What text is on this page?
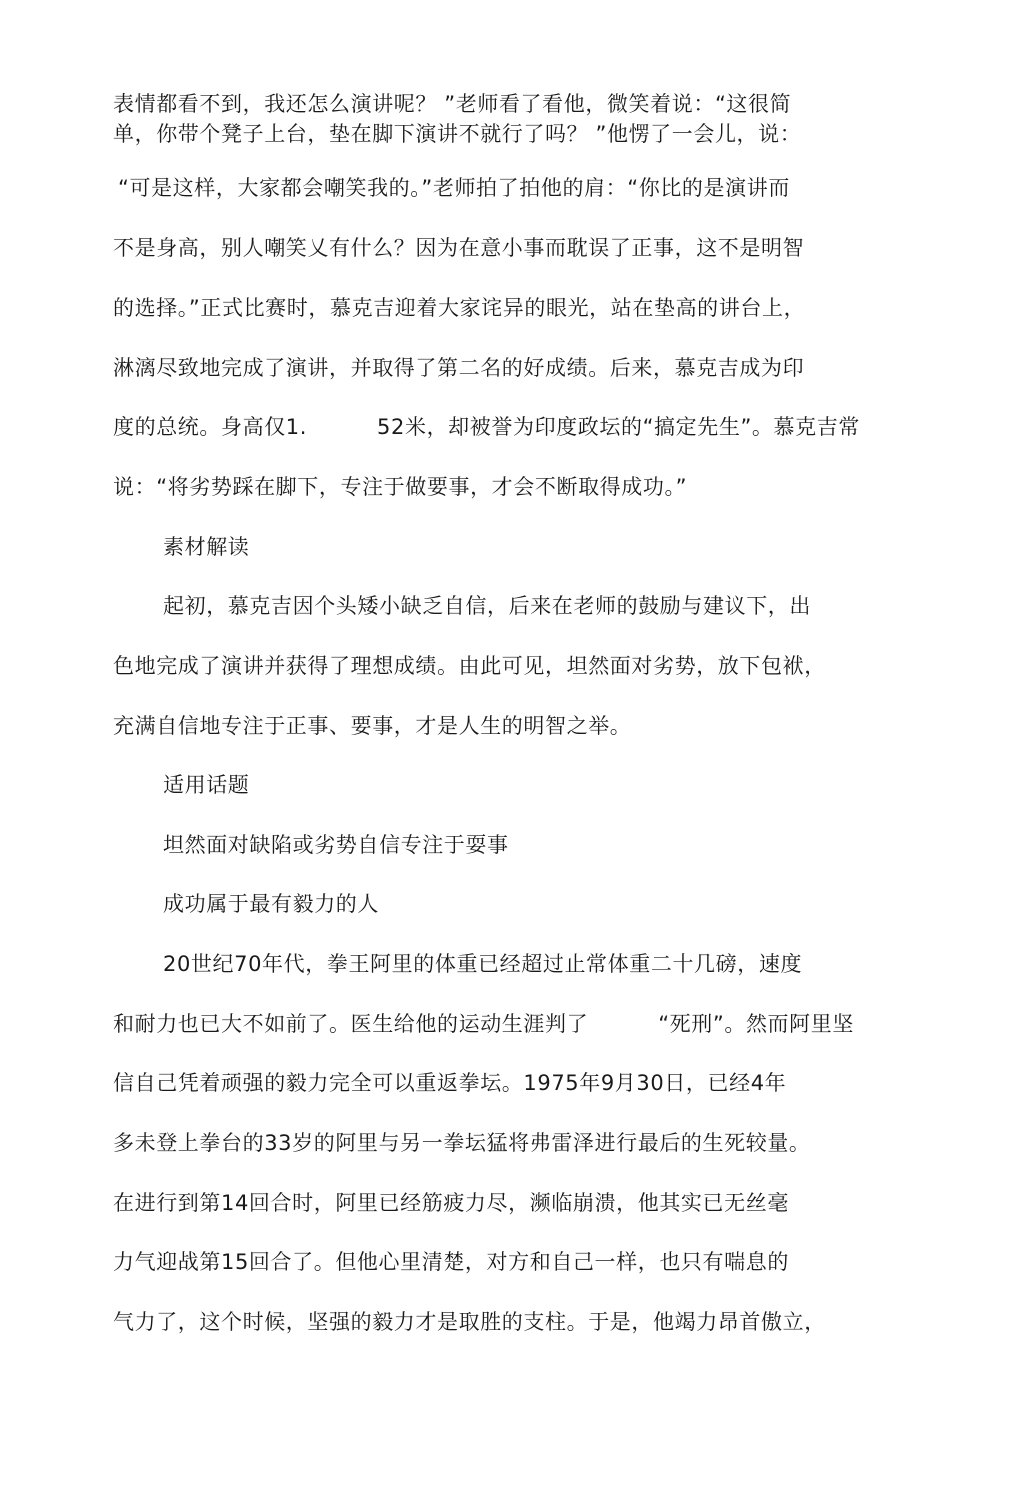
表情都看不到，我还怎么演讲呢？ ”老师看了看他，微笑着说：“这很简

单，你带个凳子上台，垫在脚下演讲不就行了吗？ ”他愣了一会儿，说：

“可是这样，大家都会嘲笑我的。”老师拍了拍他的肩：“你比的是演讲而

不是身高，别人嘲笑乂有什么？因为在意小事而耽误了正事，这不是明智

的选择。”正式比赛时，慕克吉迎着大家诧异的眼光，站在垫高的讲台上，

淋漓尽致地完成了演讲，并取得了第二名的好成绩。后来，慕克吉成为印

度的总统。身高仅1.	52米，却被誉为印度政坛的“搞定先生”。慕克吉常

说：“将劣势踩在脚下，专注于做要事，才会不断取得成功。”

素材解读

起初，慕克吉因个头矮小缺乏自信，后来在老师的鼓励与建议下，出

色地完成了演讲并获得了理想成绩。由此可见，坦然面对劣势，放下包袱，

充满自信地专注于正事、要事，才是人生的明智之举。

适用话题

坦然面对缺陷或劣势自信专注于耍事

成功属于最有毅力的人

20世纪70年代，拳王阿里的体重已经超过止常体重二十几磅，速度

和耐力也已大不如前了。医生给他的运动生涯判了	“死刑”。然而阿里坚

信自己凭着顽强的毅力完全可以重返拳坛。1975年9月30日，已经4年

多未登上拳台的33岁的阿里与另一拳坛猛将弗雷泽进行最后的生死较量。

在进行到第14回合时，阿里已经筋疲力尽，濒临崩溃，他其实已无丝毫

力气迎战第15回合了。但他心里清楚，对方和自己一样，也只有喘息的

气力了，这个时候，坚强的毅力才是取胜的支柱。于是，他竭力昂首傲立，
